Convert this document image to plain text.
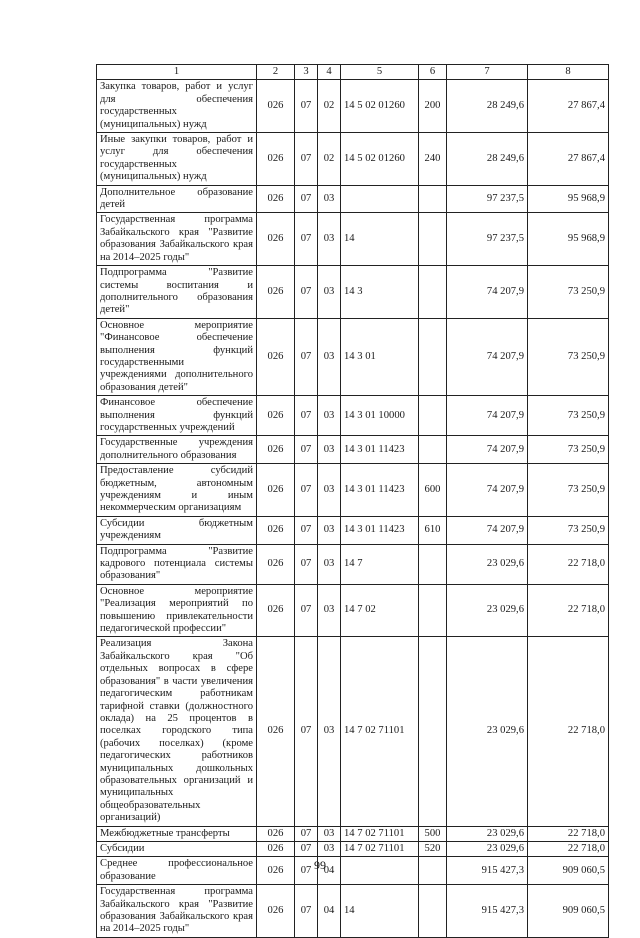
1	2	3	4	5	6	7	8
Закупка товаров, работ и услуг для обеспечения государственных (муниципальных) нужд	026	07	02	14 5 02 01260	200	28 249,6	27 867,4
Иные закупки товаров, работ и услуг для обеспечения государственных (муниципальных) нужд	026	07	02	14 5 02 01260	240	28 249,6	27 867,4
Дополнительное образование детей	026	07	03			97 237,5	95 968,9
Государственная программа Забайкальского края "Развитие образования Забайкальского края на 2014–2025 годы"	026	07	03	14		97 237,5	95 968,9
Подпрограмма "Развитие системы воспитания и дополнительного образования детей"	026	07	03	14 3		74 207,9	73 250,9
Основное мероприятие "Финансовое обеспечение выполнения функций государственными учреждениями дополнительного образования детей"	026	07	03	14 3 01		74 207,9	73 250,9
Финансовое обеспечение выполнения функций государственных учреждений	026	07	03	14 3 01 10000		74 207,9	73 250,9
Государственные учреждения дополнительного образования	026	07	03	14 3 01 11423		74 207,9	73 250,9
Предоставление субсидий бюджетным, автономным учреждениям и иным некоммерческим организациям	026	07	03	14 3 01 11423	600	74 207,9	73 250,9
Субсидии бюджетным учреждениям	026	07	03	14 3 01 11423	610	74 207,9	73 250,9
Подпрограмма "Развитие кадрового потенциала системы образования"	026	07	03	14 7		23 029,6	22 718,0
Основное мероприятие "Реализация мероприятий по повышению привлекательности педагогической профессии"	026	07	03	14 7 02		23 029,6	22 718,0
Реализация Закона Забайкальского края "Об отдельных вопросах в сфере образования" в части увеличения педагогическим работникам тарифной ставки (должностного оклада) на 25 процентов в поселках городского типа (рабочих поселках) (кроме педагогических работников муниципальных дошкольных образовательных организаций и муниципальных общеобразовательных организаций)	026	07	03	14 7 02 71101		23 029,6	22 718,0
Межбюджетные трансферты	026	07	03	14 7 02 71101	500	23 029,6	22 718,0
Субсидии	026	07	03	14 7 02 71101	520	23 029,6	22 718,0
Среднее профессиональное образование	026	07	04			915 427,3	909 060,5
Государственная программа Забайкальского края "Развитие образования Забайкальского края на 2014–2025 годы"	026	07	04	14		915 427,3	909 060,5
99
